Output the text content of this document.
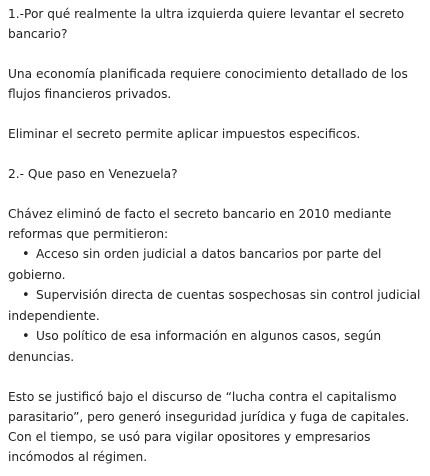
1.-Por qué realmente la ultra izquierda quiere levantar el secreto bancario?

Una economía planificada requiere conocimiento detallado de los flujos financieros privados.

Eliminar el secreto permite aplicar impuestos especificos.

2.- Que paso en Venezuela?

Chávez eliminó de facto el secreto bancario en 2010 mediante reformas que permitieron:

• Acceso sin orden judicial a datos bancarios por parte del gobierno.
• Supervisión directa de cuentas sospechosas sin control judicial independiente.
• Uso político de esa información en algunos casos, según denuncias.

Esto se justificó bajo el discurso de “lucha contra el capitalismo parasitario”, pero generó inseguridad jurídica y fuga de capitales. Con el tiempo, se usó para vigilar opositores y empresarios incómodos al régimen.
